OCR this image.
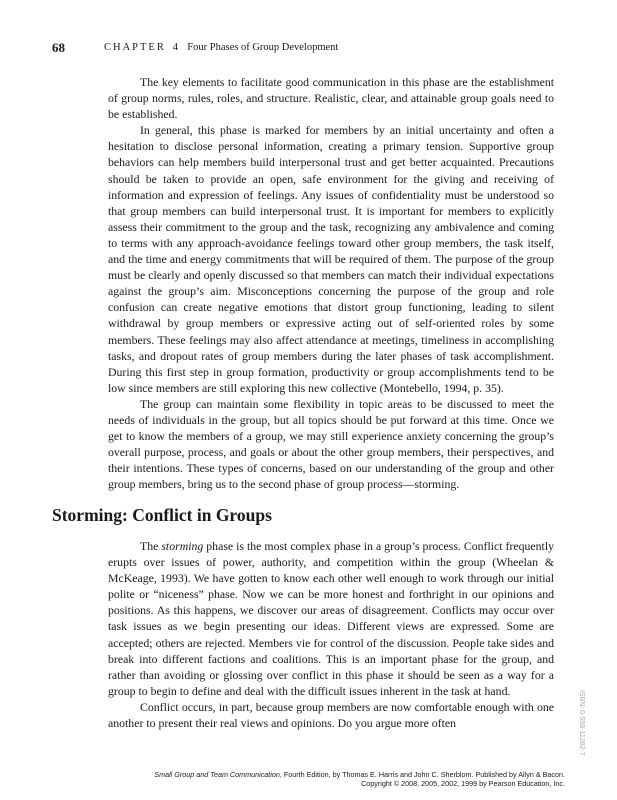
68	CHAPTER 4 Four Phases of Group Development

The key elements to facilitate good communication in this phase are the establishment of group norms, rules, roles, and structure. Realistic, clear, and attainable group goals need to be established.

In general, this phase is marked for members by an initial uncertainty and often a hesitation to disclose personal information, creating a primary tension. Supportive group behaviors can help members build interpersonal trust and get better acquainted. Precautions should be taken to provide an open, safe environment for the giving and receiving of information and expression of feelings. Any issues of confidentiality must be understood so that group members can build interpersonal trust. It is important for members to explicitly assess their commitment to the group and the task, recognizing any ambivalence and coming to terms with any approach-avoidance feelings toward other group members, the task itself, and the time and energy commitments that will be required of them. The purpose of the group must be clearly and openly discussed so that members can match their individual expectations against the group’s aim. Misconceptions concerning the purpose of the group and role confusion can create negative emotions that distort group functioning, leading to silent withdrawal by group members or expressive acting out of self-oriented roles by some members. These feelings may also affect attendance at meetings, timeliness in accomplishing tasks, and dropout rates of group members during the later phases of task accomplishment. During this first step in group formation, productivity or group accomplishments tend to be low since members are still exploring this new collective (Montebello, 1994, p. 35).

The group can maintain some flexibility in topic areas to be discussed to meet the needs of individuals in the group, but all topics should be put forward at this time. Once we get to know the members of a group, we may still experience anxiety concerning the group’s overall purpose, process, and goals or about the other group members, their perspectives, and their intentions. These types of concerns, based on our understanding of the group and other group members, bring us to the second phase of group process—storming.

Storming: Conflict in Groups

The storming phase is the most complex phase in a group’s process. Conflict frequently erupts over issues of power, authority, and competition within the group (Wheelan & McKeage, 1993). We have gotten to know each other well enough to work through our initial polite or “niceness” phase. Now we can be more honest and forthright in our opinions and positions. As this happens, we discover our areas of disagreement. Conflicts may occur over task issues as we begin presenting our ideas. Different views are expressed. Some are accepted; others are rejected. Members vie for control of the discussion. People take sides and break into different factions and coalitions. This is an important phase for the group, and rather than avoiding or glossing over conflict in this phase it should be seen as a way for a group to begin to define and deal with the difficult issues inherent in the task at hand.

Conflict occurs, in part, because group members are now comfortable enough with one another to present their real views and opinions. Do you argue more often	ISBN: 0-558-11282-7
Small Group and Team Communication, Fourth Edition, by Thomas E. Harris and John C. Sherblom. Published by Allyn & Bacon.
Copyright © 2008, 2005, 2002, 1999 by Pearson Education, Inc.
